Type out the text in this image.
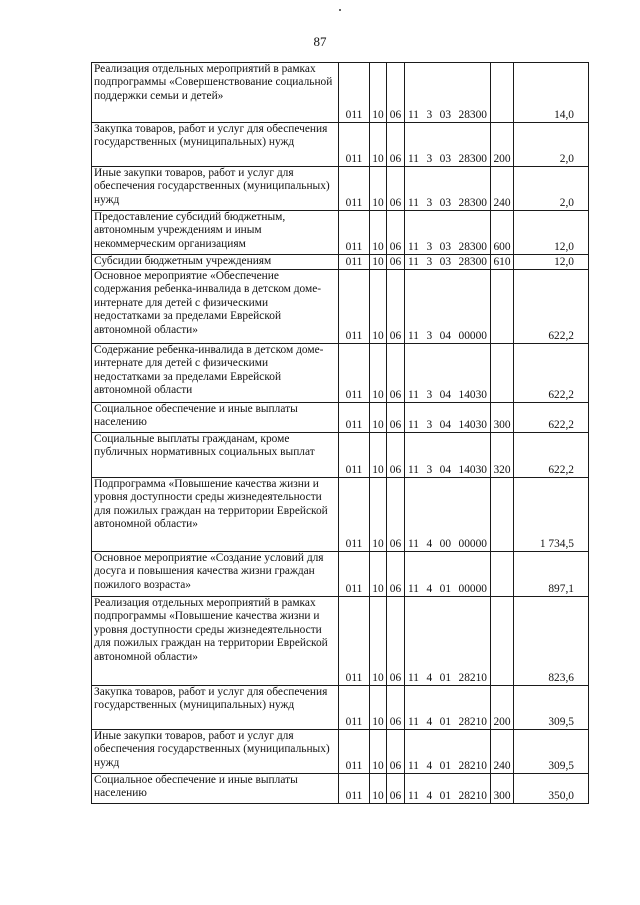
87
Реализация отдельных мероприятий в рамках подпрограммы «Совершенствование социальной поддержки семьи и детей»	011	10	06	11 3 03 28300		14,0
Закупка товаров, работ и услуг для обеспечения государственных (муниципальных) нужд	011	10	06	11 3 03 28300	200	2,0
Иные закупки товаров, работ и услуг для обеспечения государственных (муниципальных) нужд	011	10	06	11 3 03 28300	240	2,0
Предоставление субсидий бюджетным, автономным учреждениям и иным некоммерческим организациям	011	10	06	11 3 03 28300	600	12,0
Субсидии бюджетным учреждениям	011	10	06	11 3 03 28300	610	12,0
Основное мероприятие «Обеспечение содержания ребенка-инвалида в детском доме-интернате для детей с физическими недостатками за пределами Еврейской автономной области»	011	10	06	11 3 04 00000		622,2
Содержание ребенка-инвалида в детском доме-интернате для детей с физическими недостатками за пределами Еврейской автономной области	011	10	06	11 3 04 14030		622,2
Социальное обеспечение и иные выплаты населению	011	10	06	11 3 04 14030	300	622,2
Социальные выплаты гражданам, кроме публичных нормативных социальных выплат	011	10	06	11 3 04 14030	320	622,2
Подпрограмма «Повышение качества жизни и уровня доступности среды жизнедеятельности для пожилых граждан на территории Еврейской автономной области»	011	10	06	11 4 00 00000		1 734,5
Основное мероприятие «Создание условий для досуга и повышения качества жизни граждан пожилого возраста»	011	10	06	11 4 01 00000		897,1
Реализация отдельных мероприятий в рамках подпрограммы «Повышение качества жизни и уровня доступности среды жизнедеятельности для пожилых граждан на территории Еврейской автономной области»	011	10	06	11 4 01 28210		823,6
Закупка товаров, работ и услуг для обеспечения государственных (муниципальных) нужд	011	10	06	11 4 01 28210	200	309,5
Иные закупки товаров, работ и услуг для обеспечения государственных (муниципальных) нужд	011	10	06	11 4 01 28210	240	309,5
Социальное обеспечение и иные выплаты населению	011	10	06	11 4 01 28210	300	350,0
